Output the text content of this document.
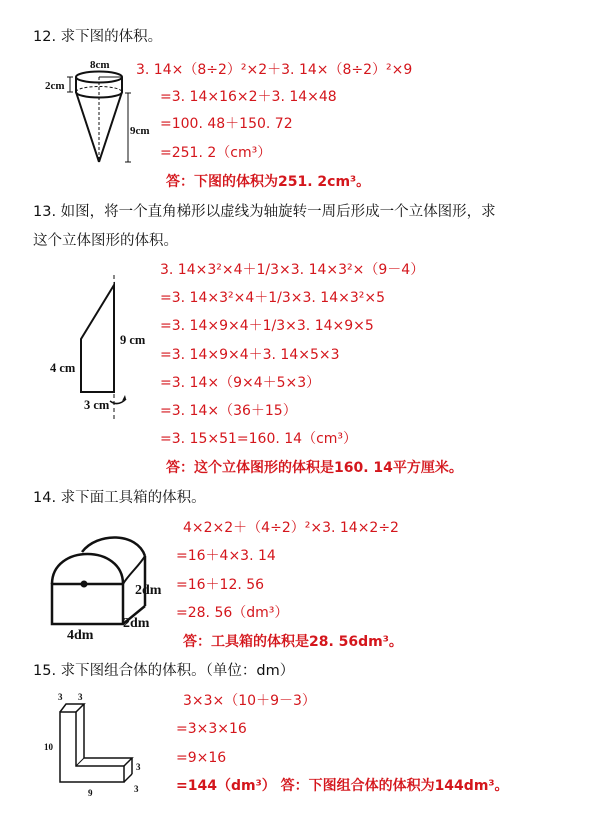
12. 求下图的体积。
8cm
2cm
9cm
3. 14×（8÷2）²×2＋3. 14×（8÷2）²×9
=3. 14×16×2＋3. 14×48
=100. 48＋150. 72
=251. 2（cm³）
答：下图的体积为251. 2cm³。
13. 如图，将一个直角梯形以虚线为轴旋转一周后形成一个立体图形，求
这个立体图形的体积。
9 cm
4 cm
3 cm
3. 14×3²×4＋1/3×3. 14×3²×（9－4）
=3. 14×3²×4＋1/3×3. 14×3²×5
=3. 14×9×4＋1/3×3. 14×9×5
=3. 14×9×4＋3. 14×5×3
=3. 14×（9×4＋5×3）
=3. 14×（36＋15）
=3. 15×51=160. 14（cm³）
答：这个立体图形的体积是160. 14平方厘米。
14. 求下面工具箱的体积。
2dm
2dm
4dm
4×2×2＋（4÷2）²×3. 14×2÷2
=16＋4×3. 14
=16＋12. 56
=28. 56（dm³）
答：工具箱的体积是28. 56dm³。
15. 求下图组合体的体积。（单位：dm）
3 3
10
9
3
3
3×3×（10＋9－3）
=3×3×16
=9×16
=144（dm³） 答：下图组合体的体积为144dm³。
